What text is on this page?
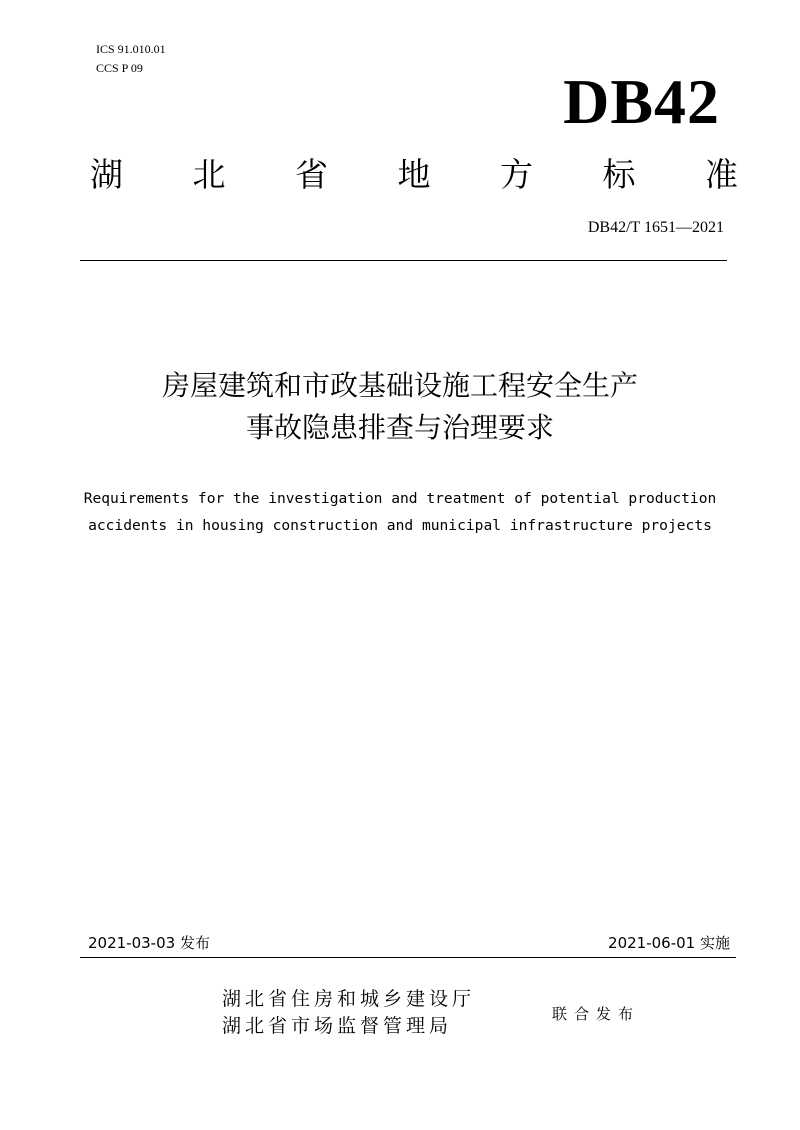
ICS 91.010.01
CCS P 09	DB42
湖 北 省 地 方 标 准
DB42/T 1651—2021
房屋建筑和市政基础设施工程安全生产
事故隐患排查与治理要求
Requirements for the investigation and treatment of potential production
accidents in housing construction and municipal infrastructure projects
2021-03-03 发布	2021-06-01 实施
湖北省住房和城乡建设厅
湖北省市场监督管理局
联合发布
